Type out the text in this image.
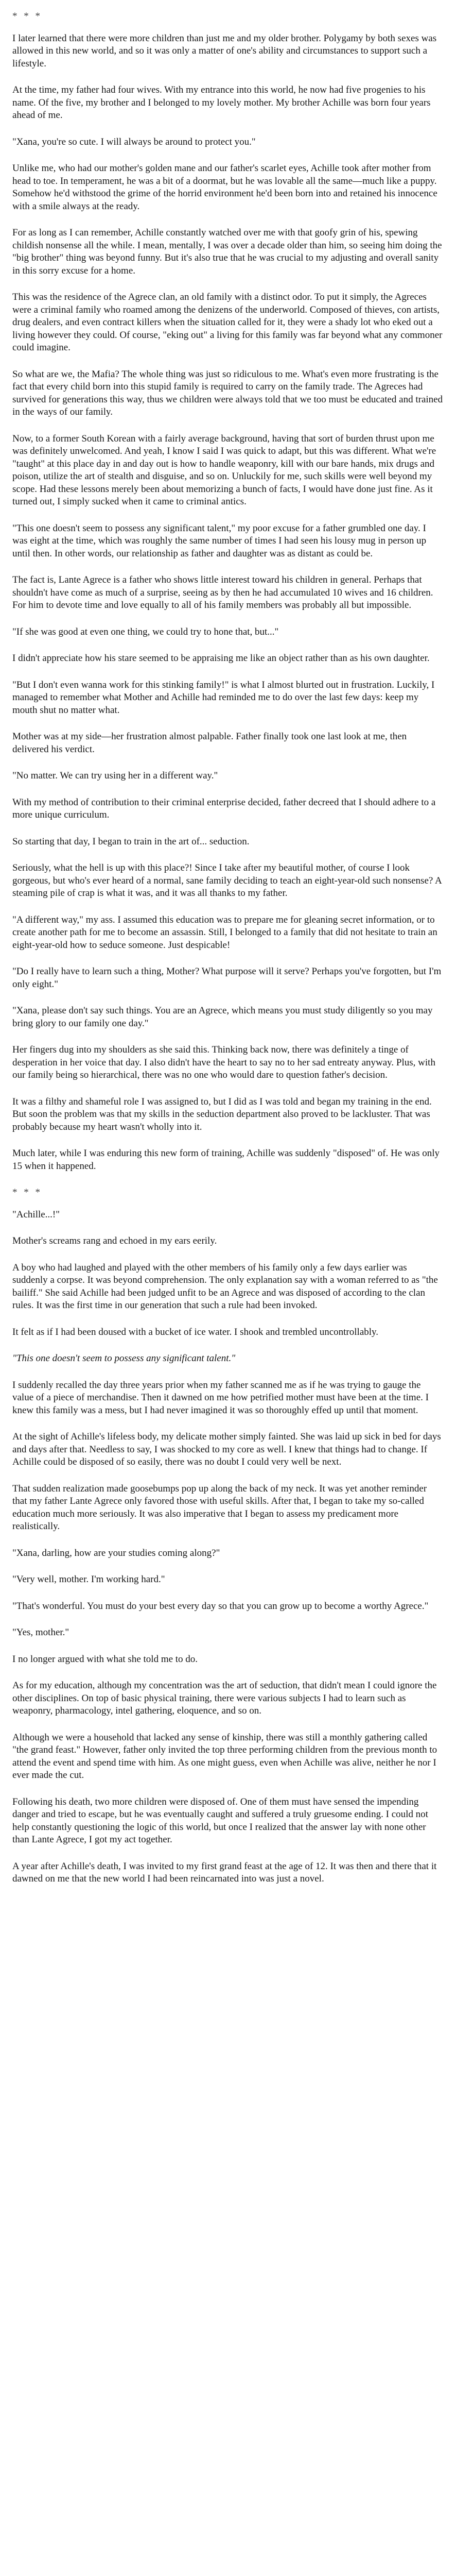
* * *

I later learned that there were more children than just me and my older brother. Polygamy by both sexes was allowed in this new world, and so it was only a matter of one's ability and circumstances to support such a lifestyle.

At the time, my father had four wives. With my entrance into this world, he now had five progenies to his name. Of the five, my brother and I belonged to my lovely mother. My brother Achille was born four years ahead of me.

"Xana, you're so cute. I will always be around to protect you."

Unlike me, who had our mother's golden mane and our father's scarlet eyes, Achille took after mother from head to toe. In temperament, he was a bit of a doormat, but he was lovable all the same—much like a puppy. Somehow he'd withstood the grime of the horrid environment he'd been born into and retained his innocence with a smile always at the ready.

For as long as I can remember, Achille constantly watched over me with that goofy grin of his, spewing childish nonsense all the while. I mean, mentally, I was over a decade older than him, so seeing him doing the "big brother" thing was beyond funny. But it's also true that he was crucial to my adjusting and overall sanity in this sorry excuse for a home.

This was the residence of the Agrece clan, an old family with a distinct odor. To put it simply, the Agreces were a criminal family who roamed among the denizens of the underworld. Composed of thieves, con artists, drug dealers, and even contract killers when the situation called for it, they were a shady lot who eked out a living however they could. Of course, "eking out" a living for this family was far beyond what any commoner could imagine.

So what are we, the Mafia? The whole thing was just so ridiculous to me. What's even more frustrating is the fact that every child born into this stupid family is required to carry on the family trade. The Agreces had survived for generations this way, thus we children were always told that we too must be educated and trained in the ways of our family.

Now, to a former South Korean with a fairly average background, having that sort of burden thrust upon me was definitely unwelcomed. And yeah, I know I said I was quick to adapt, but this was different. What we're "taught" at this place day in and day out is how to handle weaponry, kill with our bare hands, mix drugs and poison, utilize the art of stealth and disguise, and so on. Unluckily for me, such skills were well beyond my scope. Had these lessons merely been about memorizing a bunch of facts, I would have done just fine. As it turned out, I simply sucked when it came to criminal antics.

"This one doesn't seem to possess any significant talent," my poor excuse for a father grumbled one day. I was eight at the time, which was roughly the same number of times I had seen his lousy mug in person up until then. In other words, our relationship as father and daughter was as distant as could be.

The fact is, Lante Agrece is a father who shows little interest toward his children in general. Perhaps that shouldn't have come as much of a surprise, seeing as by then he had accumulated 10 wives and 16 children. For him to devote time and love equally to all of his family members was probably all but impossible.

"If she was good at even one thing, we could try to hone that, but..."

I didn't appreciate how his stare seemed to be appraising me like an object rather than as his own daughter.

"But I don't even wanna work for this stinking family!" is what I almost blurted out in frustration. Luckily, I managed to remember what Mother and Achille had reminded me to do over the last few days: keep my mouth shut no matter what.

Mother was at my side—her frustration almost palpable. Father finally took one last look at me, then delivered his verdict.

"No matter. We can try using her in a different way."

With my method of contribution to their criminal enterprise decided, father decreed that I should adhere to a more unique curriculum.

So starting that day, I began to train in the art of... seduction.

Seriously, what the hell is up with this place?! Since I take after my beautiful mother, of course I look gorgeous, but who's ever heard of a normal, sane family deciding to teach an eight-year-old such nonsense? A steaming pile of crap is what it was, and it was all thanks to my father.

"A different way," my ass. I assumed this education was to prepare me for gleaning secret information, or to create another path for me to become an assassin. Still, I belonged to a family that did not hesitate to train an eight-year-old how to seduce someone. Just despicable!

"Do I really have to learn such a thing, Mother? What purpose will it serve? Perhaps you've forgotten, but I'm only eight."

"Xana, please don't say such things. You are an Agrece, which means you must study diligently so you may bring glory to our family one day."

Her fingers dug into my shoulders as she said this. Thinking back now, there was definitely a tinge of desperation in her voice that day. I also didn't have the heart to say no to her sad entreaty anyway. Plus, with our family being so hierarchical, there was no one who would dare to question father's decision.

It was a filthy and shameful role I was assigned to, but I did as I was told and began my training in the end. But soon the problem was that my skills in the seduction department also proved to be lackluster. That was probably because my heart wasn't wholly into it.

Much later, while I was enduring this new form of training, Achille was suddenly "disposed" of. He was only 15 when it happened.

* * *

"Achille...!"

Mother's screams rang and echoed in my ears eerily.

A boy who had laughed and played with the other members of his family only a few days earlier was suddenly a corpse. It was beyond comprehension. The only explanation say with a woman referred to as "the bailiff." She said Achille had been judged unfit to be an Agrece and was disposed of according to the clan rules. It was the first time in our generation that such a rule had been invoked.

It felt as if I had been doused with a bucket of ice water. I shook and trembled uncontrollably.

"This one doesn't seem to possess any significant talent."

I suddenly recalled the day three years prior when my father scanned me as if he was trying to gauge the value of a piece of merchandise. Then it dawned on me how petrified mother must have been at the time. I knew this family was a mess, but I had never imagined it was so thoroughly effed up until that moment.

At the sight of Achille's lifeless body, my delicate mother simply fainted. She was laid up sick in bed for days and days after that. Needless to say, I was shocked to my core as well. I knew that things had to change. If Achille could be disposed of so easily, there was no doubt I could very well be next.

That sudden realization made goosebumps pop up along the back of my neck. It was yet another reminder that my father Lante Agrece only favored those with useful skills. After that, I began to take my so-called education much more seriously. It was also imperative that I began to assess my predicament more realistically.

"Xana, darling, how are your studies coming along?"

"Very well, mother. I'm working hard."

"That's wonderful. You must do your best every day so that you can grow up to become a worthy Agrece."

"Yes, mother."

I no longer argued with what she told me to do.

As for my education, although my concentration was the art of seduction, that didn't mean I could ignore the other disciplines. On top of basic physical training, there were various subjects I had to learn such as weaponry, pharmacology, intel gathering, eloquence, and so on.

Although we were a household that lacked any sense of kinship, there was still a monthly gathering called "the grand feast." However, father only invited the top three performing children from the previous month to attend the event and spend time with him. As one might guess, even when Achille was alive, neither he nor I ever made the cut.

Following his death, two more children were disposed of. One of them must have sensed the impending danger and tried to escape, but he was eventually caught and suffered a truly gruesome ending. I could not help constantly questioning the logic of this world, but once I realized that the answer lay with none other than Lante Agrece, I got my act together.

A year after Achille's death, I was invited to my first grand feast at the age of 12. It was then and there that it dawned on me that the new world I had been reincarnated into was just a novel.
